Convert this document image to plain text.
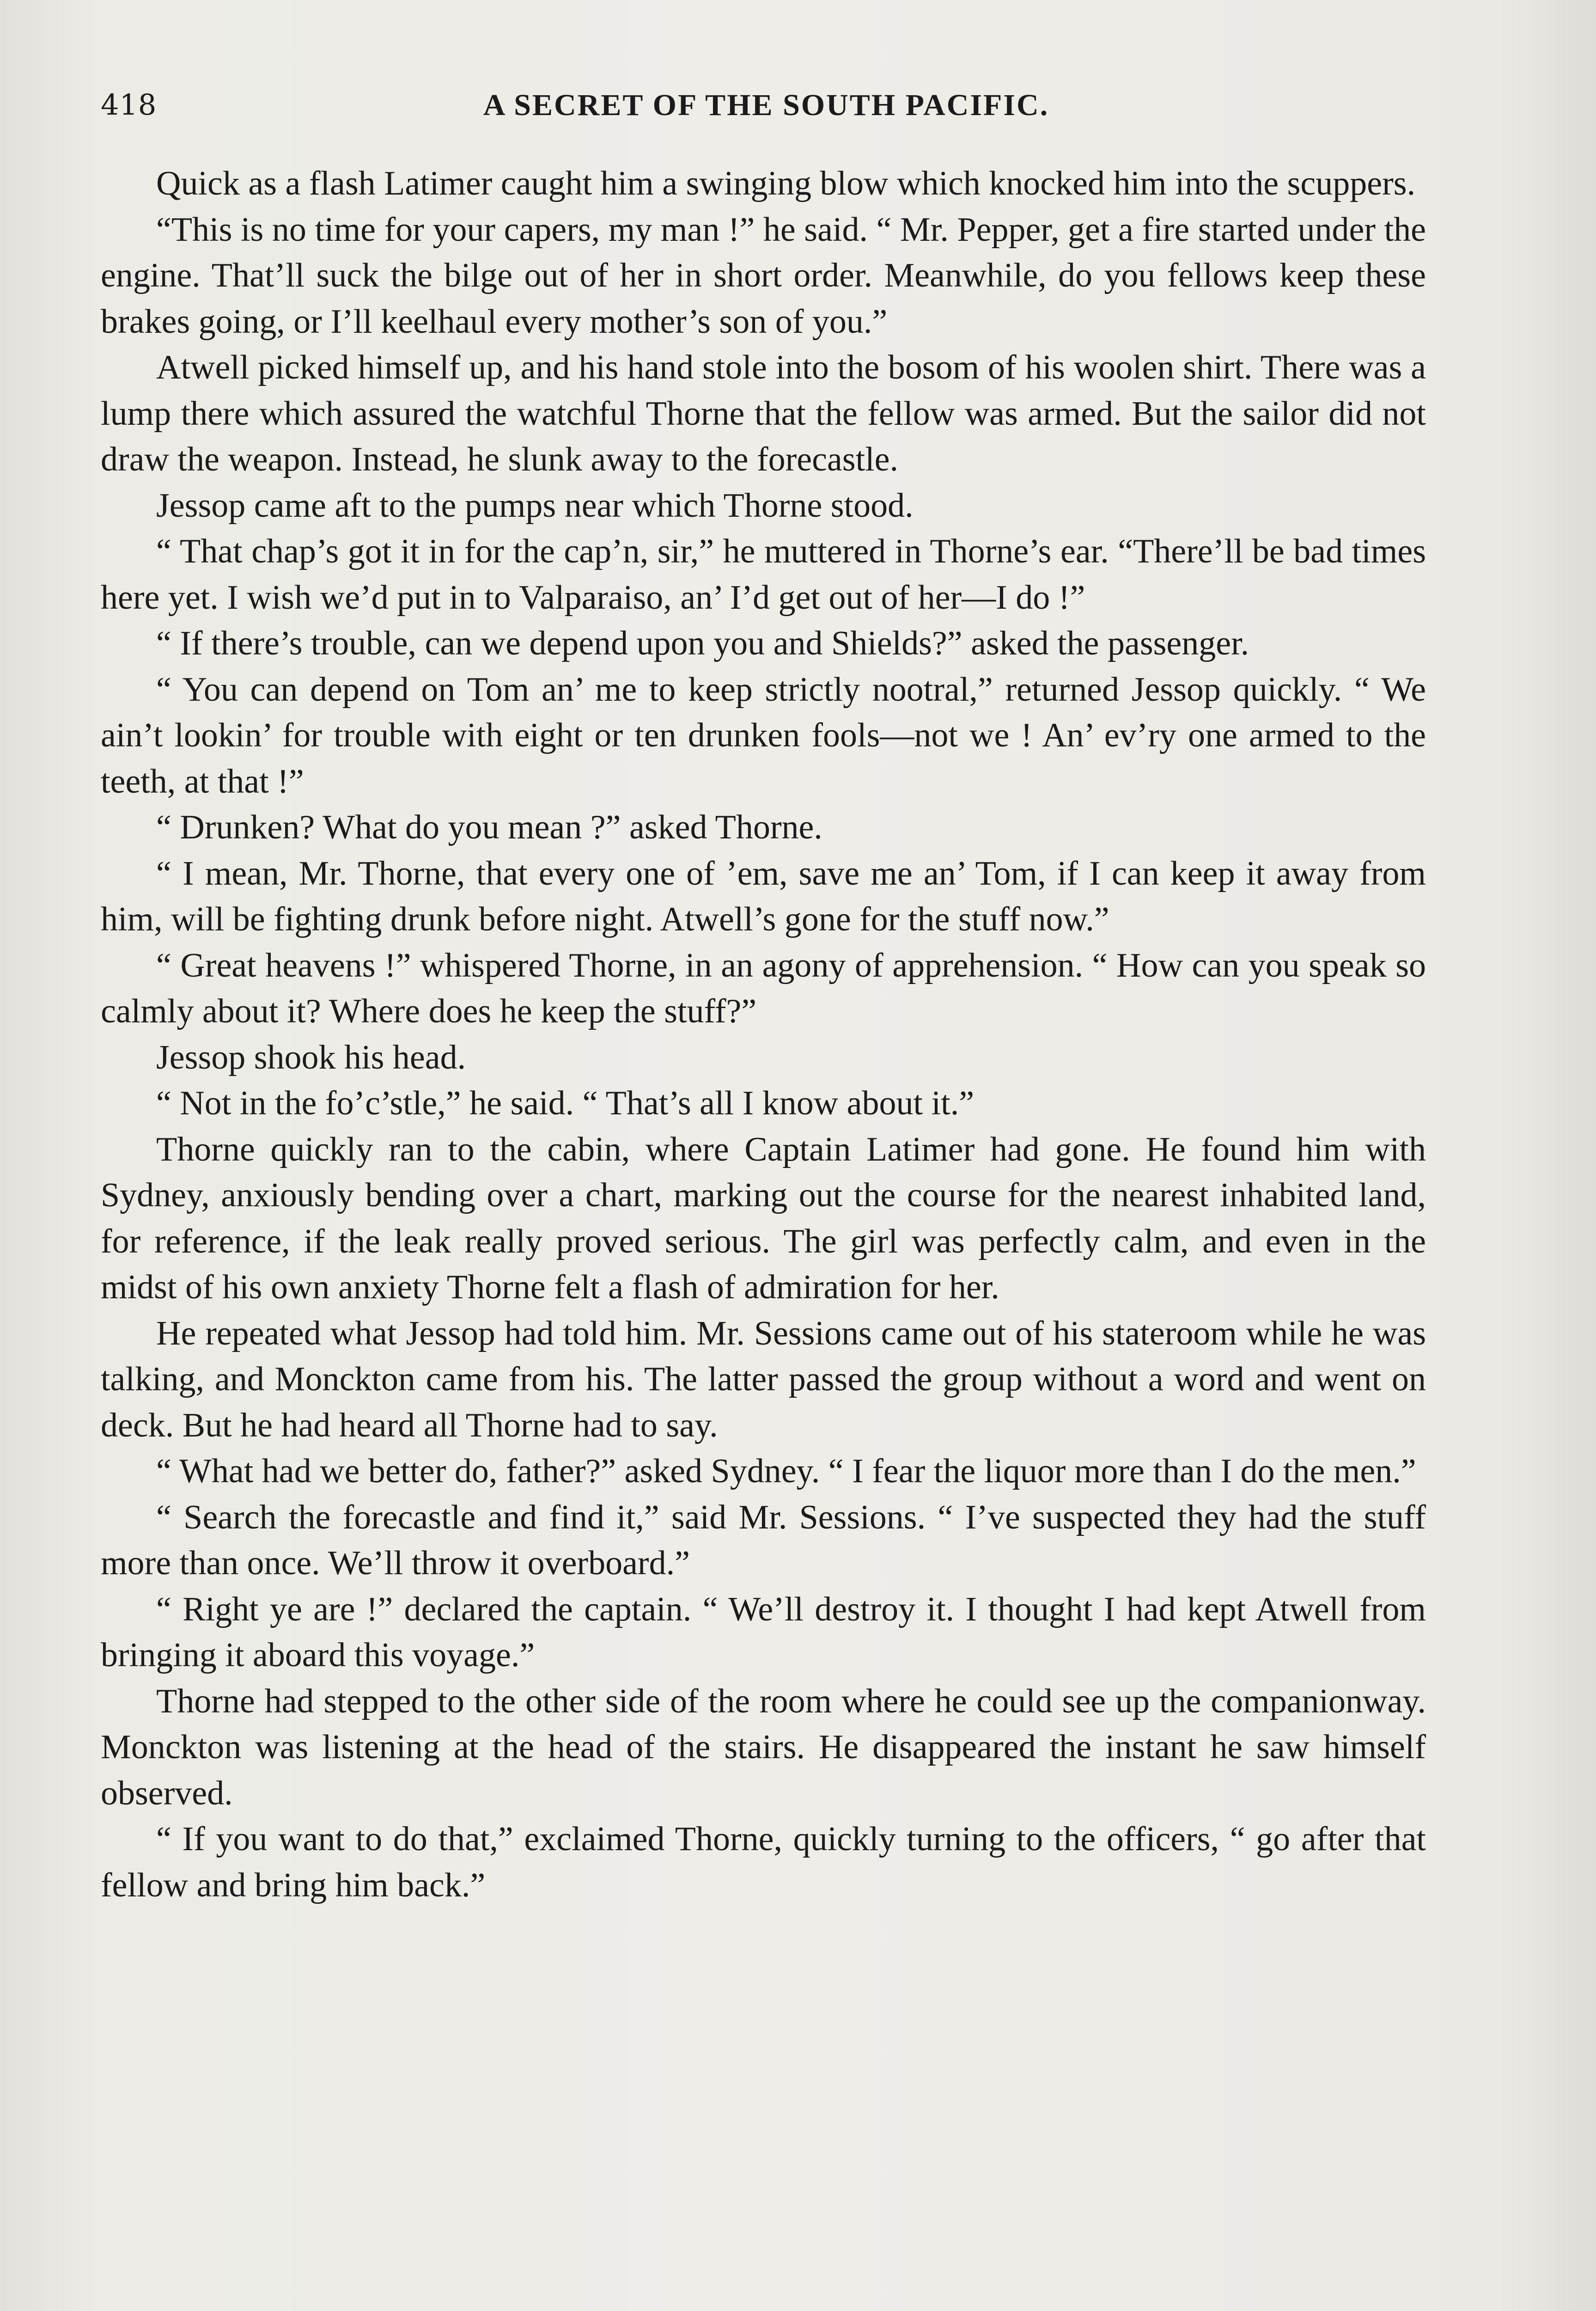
418	A SECRET OF THE SOUTH PACIFIC.

Quick as a flash Latimer caught him a swinging blow which knocked him into the scuppers.

“This is no time for your capers, my man !” he said. “ Mr. Pepper, get a fire started under the engine. That’ll suck the bilge out of her in short order. Meanwhile, do you fellows keep these brakes going, or I’ll keelhaul every mother’s son of you.”

Atwell picked himself up, and his hand stole into the bosom of his woolen shirt. There was a lump there which assured the watchful Thorne that the fellow was armed. But the sailor did not draw the weapon. Instead, he slunk away to the forecastle.

Jessop came aft to the pumps near which Thorne stood.

“ That chap’s got it in for the cap’n, sir,” he muttered in Thorne’s ear. “There’ll be bad times here yet. I wish we’d put in to Valparaiso, an’ I’d get out of her—I do !”

“ If there’s trouble, can we depend upon you and Shields?” asked the passenger.

“ You can depend on Tom an’ me to keep strictly nootral,” returned Jessop quickly. “ We ain’t lookin’ for trouble with eight or ten drunken fools—not we ! An’ ev’ry one armed to the teeth, at that !”

“ Drunken? What do you mean ?” asked Thorne.

“ I mean, Mr. Thorne, that every one of ’em, save me an’ Tom, if I can keep it away from him, will be fighting drunk before night. Atwell’s gone for the stuff now.”

“ Great heavens !” whispered Thorne, in an agony of apprehension. “ How can you speak so calmly about it? Where does he keep the stuff?”

Jessop shook his head.

“ Not in the fo’c’stle,” he said. “ That’s all I know about it.”

Thorne quickly ran to the cabin, where Captain Latimer had gone. He found him with Sydney, anxiously bending over a chart, marking out the course for the nearest inhabited land, for reference, if the leak really proved serious. The girl was perfectly calm, and even in the midst of his own anxiety Thorne felt a flash of admiration for her.

He repeated what Jessop had told him. Mr. Sessions came out of his stateroom while he was talking, and Monckton came from his. The latter passed the group without a word and went on deck. But he had heard all Thorne had to say.

“ What had we better do, father?” asked Sydney. “ I fear the liquor more than I do the men.”

“ Search the forecastle and find it,” said Mr. Sessions. “ I’ve suspected they had the stuff more than once. We’ll throw it overboard.”

“ Right ye are !” declared the captain. “ We’ll destroy it. I thought I had kept Atwell from bringing it aboard this voyage.”

Thorne had stepped to the other side of the room where he could see up the companionway. Monckton was listening at the head of the stairs. He disappeared the instant he saw himself observed.

“ If you want to do that,” exclaimed Thorne, quickly turning to the officers, “ go after that fellow and bring him back.”
